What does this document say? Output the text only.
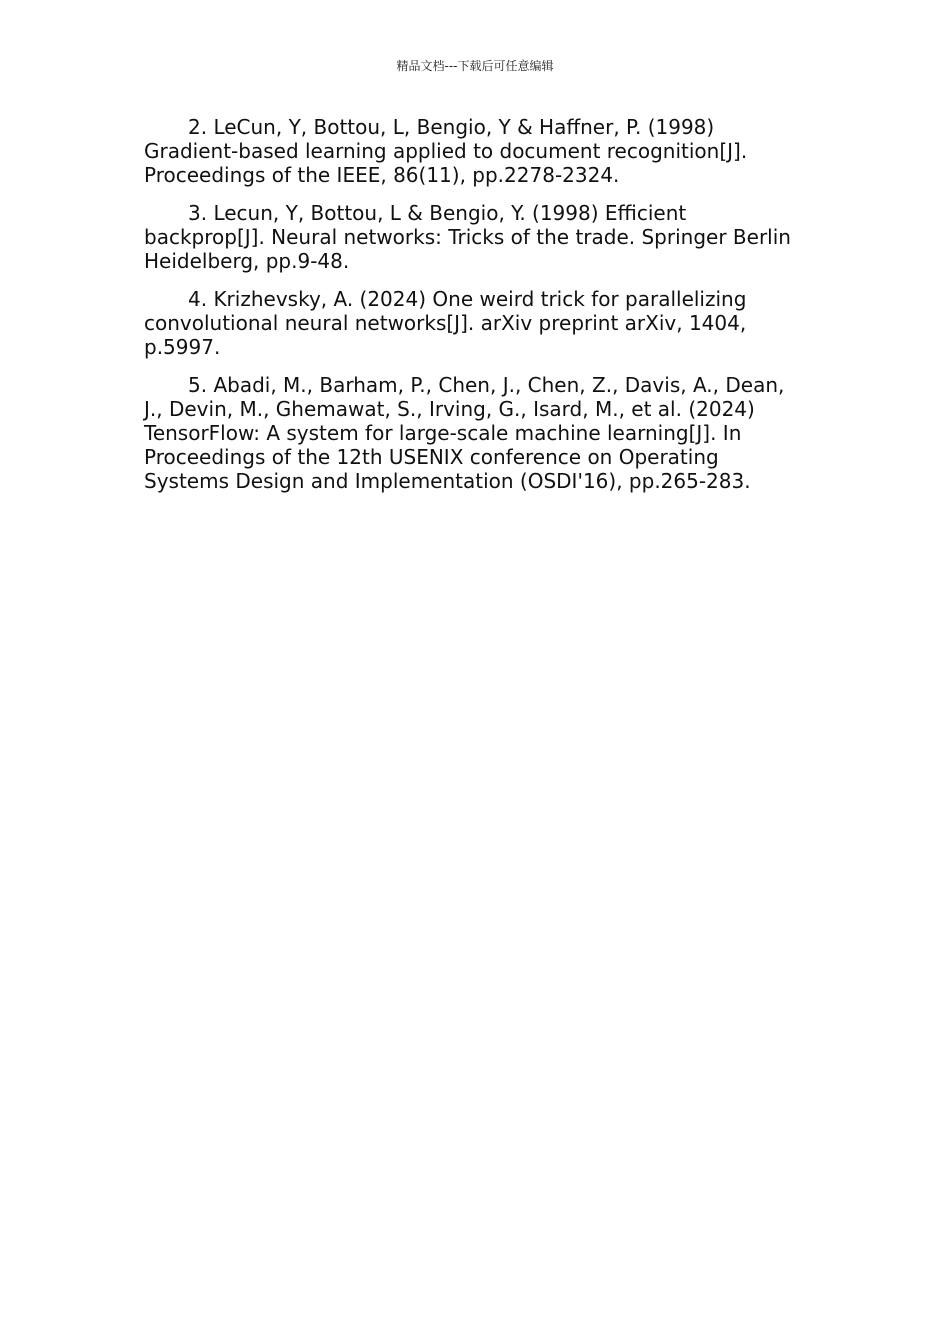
精品文档---下载后可任意编辑

2. LeCun, Y, Bottou, L, Bengio, Y & Haffner, P. (1998) Gradient-based learning applied to document recognition[J]. Proceedings of the IEEE, 86(11), pp.2278-2324.

3. Lecun, Y, Bottou, L & Bengio, Y. (1998) Efficient backprop[J]. Neural networks: Tricks of the trade. Springer Berlin Heidelberg, pp.9-48.

4. Krizhevsky, A. (2024) One weird trick for parallelizing convolutional neural networks[J]. arXiv preprint arXiv, 1404, p.5997.

5. Abadi, M., Barham, P., Chen, J., Chen, Z., Davis, A., Dean, J., Devin, M., Ghemawat, S., Irving, G., Isard, M., et al. (2024) TensorFlow: A system for large-scale machine learning[J]. In Proceedings of the 12th USENIX conference on Operating Systems Design and Implementation (OSDI'16), pp.265-283.
